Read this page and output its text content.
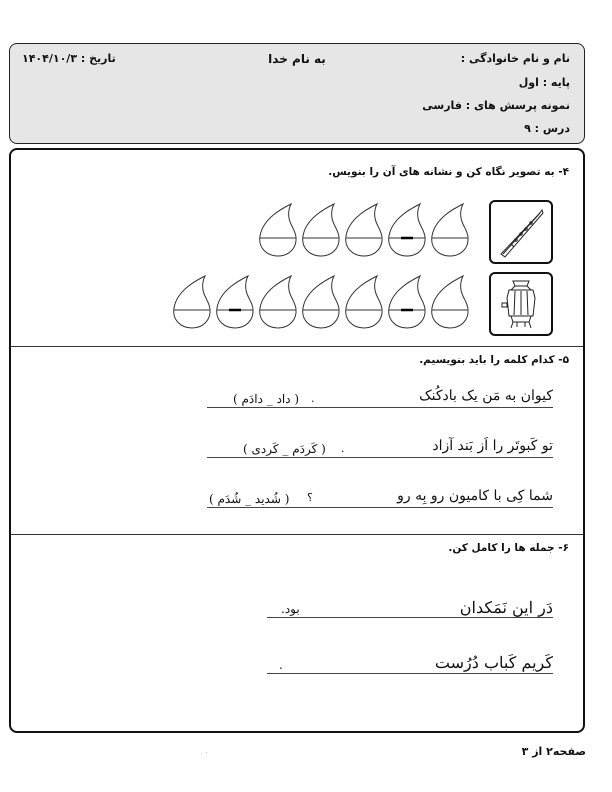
به نام خدا
تاریخ : ۱۴۰۴/۱۰/۳	نام و نام خانوادگی :
پایه : اول
نمونه پرسش های : فارسی
درس : ۹
۴- به تصویر نگاه کن و نشانه های آن را بنویس.
۵- کدام کلمه را باید بنویسیم.
کیوان به مَن یک بادکُنک
.
( داد _ دادَم )
تو کَبوتَر را اَز بَند آزاد
.
( کَردَم _ کَردی )
شما کِی با کامیون رو بِه رو
؟
( شُدید _ شُدَم )
۶- جمله ها را کامل کن.
دَر این نَمَکدان
بود.
کَریم کَباب دُرُست
.
صفحه۲ از ۳
